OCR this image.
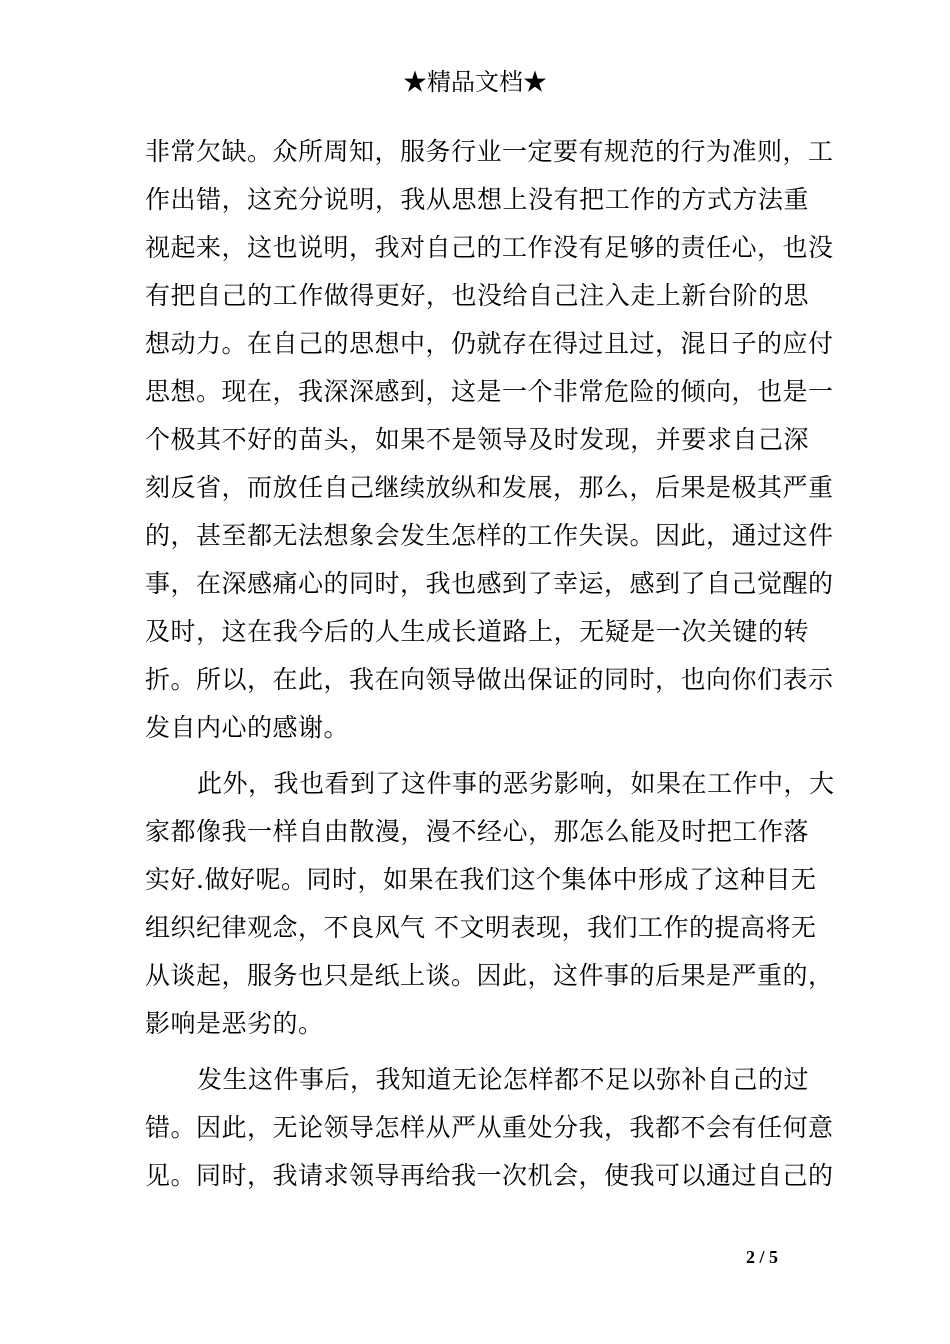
★精品文档★
非常欠缺。众所周知，服务行业一定要有规范的行为准则，工
作出错，这充分说明，我从思想上没有把工作的方式方法重
视起来，这也说明，我对自己的工作没有足够的责任心，也没
有把自己的工作做得更好，也没给自己注入走上新台阶的思
想动力。在自己的思想中，仍就存在得过且过，混日子的应付
思想。现在，我深深感到，这是一个非常危险的倾向，也是一
个极其不好的苗头，如果不是领导及时发现，并要求自己深
刻反省，而放任自己继续放纵和发展，那么，后果是极其严重
的，甚至都无法想象会发生怎样的工作失误。因此，通过这件
事，在深感痛心的同时，我也感到了幸运，感到了自己觉醒的
及时，这在我今后的人生成长道路上，无疑是一次关键的转
折。所以，在此，我在向领导做出保证的同时，也向你们表示
发自内心的感谢。
此外，我也看到了这件事的恶劣影响，如果在工作中，大
家都像我一样自由散漫，漫不经心，那怎么能及时把工作落
实好.做好呢。同时，如果在我们这个集体中形成了这种目无
组织纪律观念，不良风气 不文明表现，我们工作的提高将无
从谈起，服务也只是纸上谈。因此，这件事的后果是严重的，
影响是恶劣的。
发生这件事后，我知道无论怎样都不足以弥补自己的过
错。因此，无论领导怎样从严从重处分我，我都不会有任何意
见。同时，我请求领导再给我一次机会，使我可以通过自己的
2 / 5
